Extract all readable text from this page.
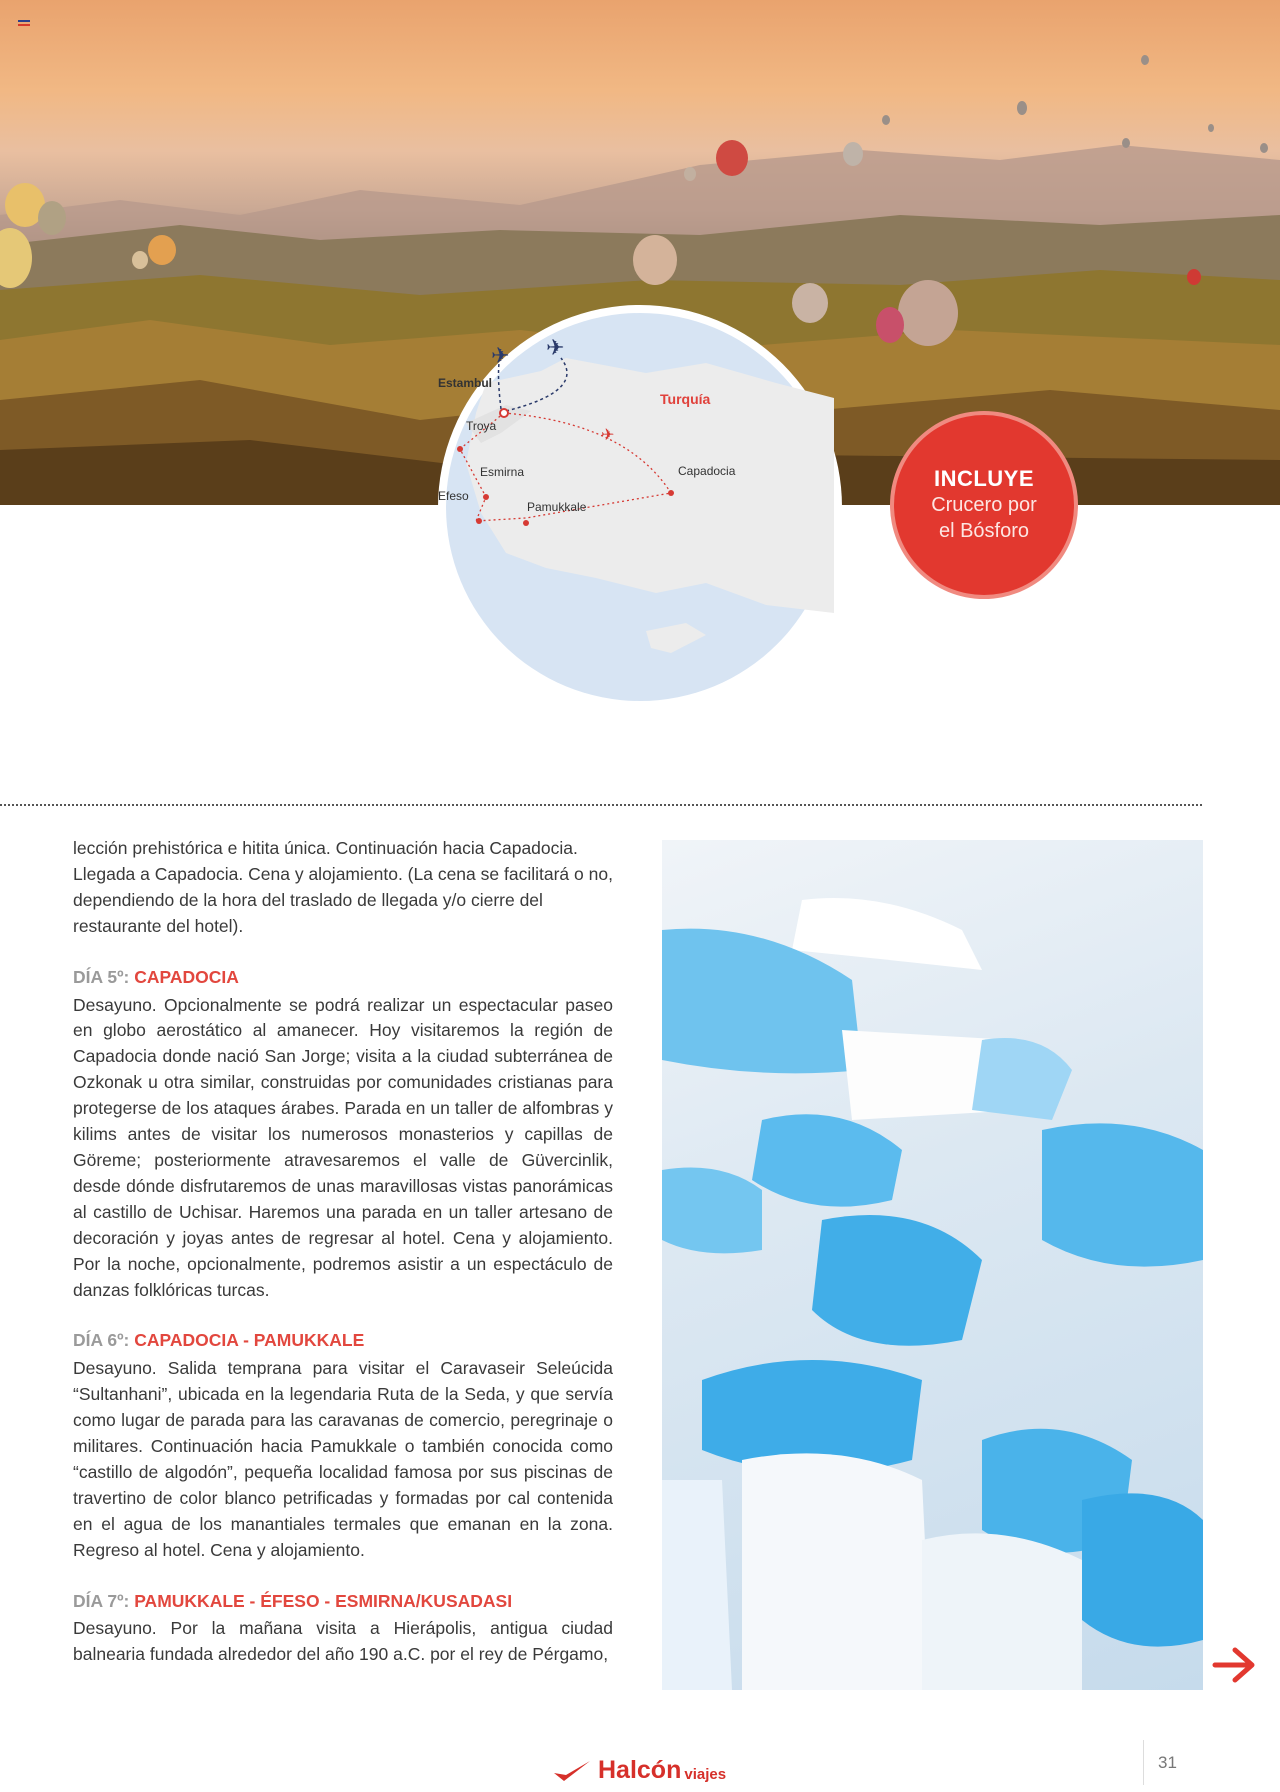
✈ ✈
✈
Estambul
Turquía
Troya
Esmirna	Capadocia
Efeso
Pamukkale
INCLUYE
Crucero por
el Bósforo

lección prehistórica e hitita única. Continuación hacia Capadocia. Llegada a Capadocia. Cena y alojamiento. (La cena se facilitará o no, dependiendo de la hora del traslado de llegada y/o cierre del restaurante del hotel).

DÍA 5º: CAPADOCIA

Desayuno. Opcionalmente se podrá realizar un espectacular paseo en globo aerostático al amanecer. Hoy visitaremos la región de Capadocia donde nació San Jorge; visita a la ciudad subterránea de Ozkonak u otra similar, construidas por comunidades cristianas para protegerse de los ataques árabes. Parada en un taller de alfombras y kilims antes de visitar los numerosos monasterios y capillas de Göreme; posteriormente atravesaremos el valle de Güvercinlik, desde dónde disfrutaremos de unas maravillosas vistas panorámicas al castillo de Uchisar. Haremos una parada en un taller artesano de decoración y joyas antes de regresar al hotel. Cena y alojamiento. Por la noche, opcionalmente, podremos asistir a un espectáculo de danzas folklóricas turcas.

DÍA 6º: CAPADOCIA - PAMUKKALE

Desayuno. Salida temprana para visitar el Caravaseir Seleúcida “Sultanhani”, ubicada en la legendaria Ruta de la Seda, y que servía como lugar de parada para las caravanas de comercio, peregrinaje o militares. Continuación hacia Pamukkale o también conocida como “castillo de algodón”, pequeña localidad famosa por sus piscinas de travertino de color blanco petrificadas y formadas por cal contenida en el agua de los manantiales termales que emanan en la zona. Regreso al hotel. Cena y alojamiento.

DÍA 7º: PAMUKKALE - ÉFESO - ESMIRNA/KUSADASI

Desayuno. Por la mañana visita a Hierápolis, antigua ciudad balnearia fundada alrededor del año 190 a.C. por el rey de Pérgamo,

Halcón viajes
31
